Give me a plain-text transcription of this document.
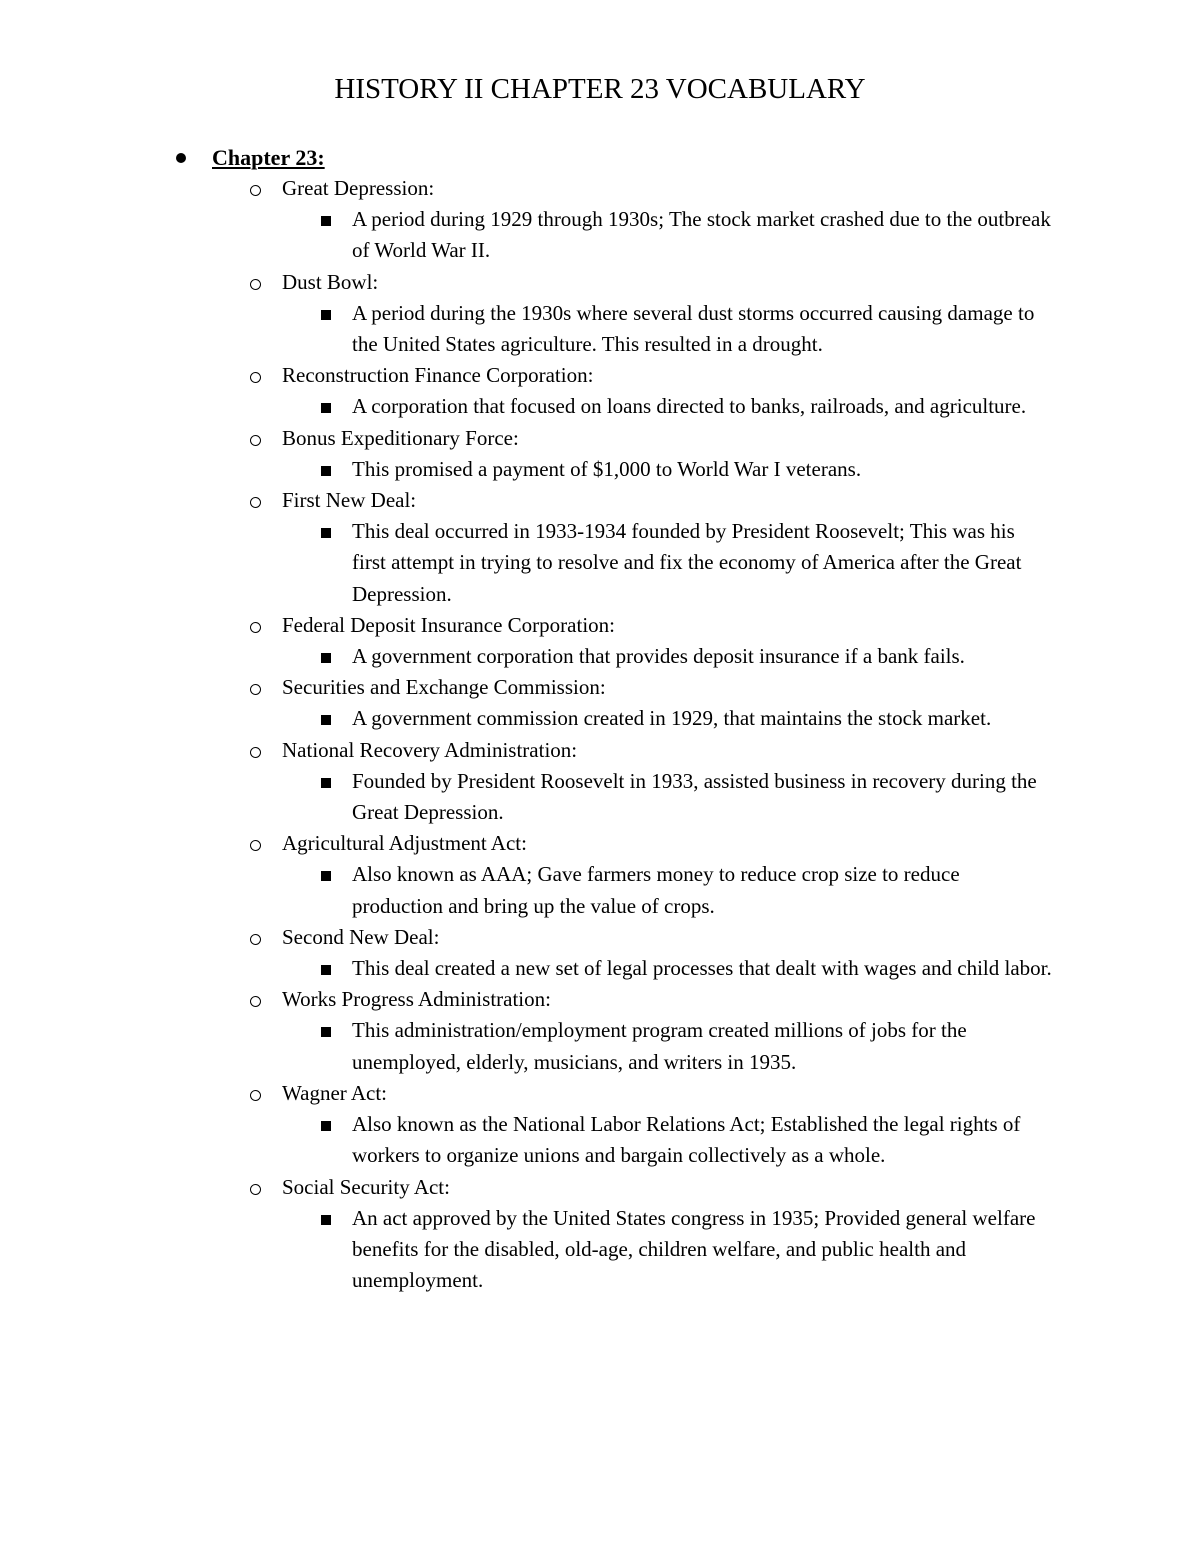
HISTORY II CHAPTER 23 VOCABULARY
Chapter 23:
Great Depression:
A period during 1929 through 1930s; The stock market crashed due to the outbreak of World War II.
Dust Bowl:
A period during the 1930s where several dust storms occurred causing damage to the United States agriculture. This resulted in a drought.
Reconstruction Finance Corporation:
A corporation that focused on loans directed to banks, railroads, and agriculture.
Bonus Expeditionary Force:
This promised a payment of $1,000 to World War I veterans.
First New Deal:
This deal occurred in 1933-1934 founded by President Roosevelt; This was his first attempt in trying to resolve and fix the economy of America after the Great Depression.
Federal Deposit Insurance Corporation:
A government corporation that provides deposit insurance if a bank fails.
Securities and Exchange Commission:
A government commission created in 1929, that maintains the stock market.
National Recovery Administration:
Founded by President Roosevelt in 1933, assisted business in recovery during the Great Depression.
Agricultural Adjustment Act:
Also known as AAA; Gave farmers money to reduce crop size to reduce production and bring up the value of crops.
Second New Deal:
This deal created a new set of legal processes that dealt with wages and child labor.
Works Progress Administration:
This administration/employment program created millions of jobs for the unemployed, elderly, musicians, and writers in 1935.
Wagner Act:
Also known as the National Labor Relations Act; Established the legal rights of workers to organize unions and bargain collectively as a whole.
Social Security Act:
An act approved by the United States congress in 1935; Provided general welfare benefits for the disabled, old-age, children welfare, and public health and unemployment.
